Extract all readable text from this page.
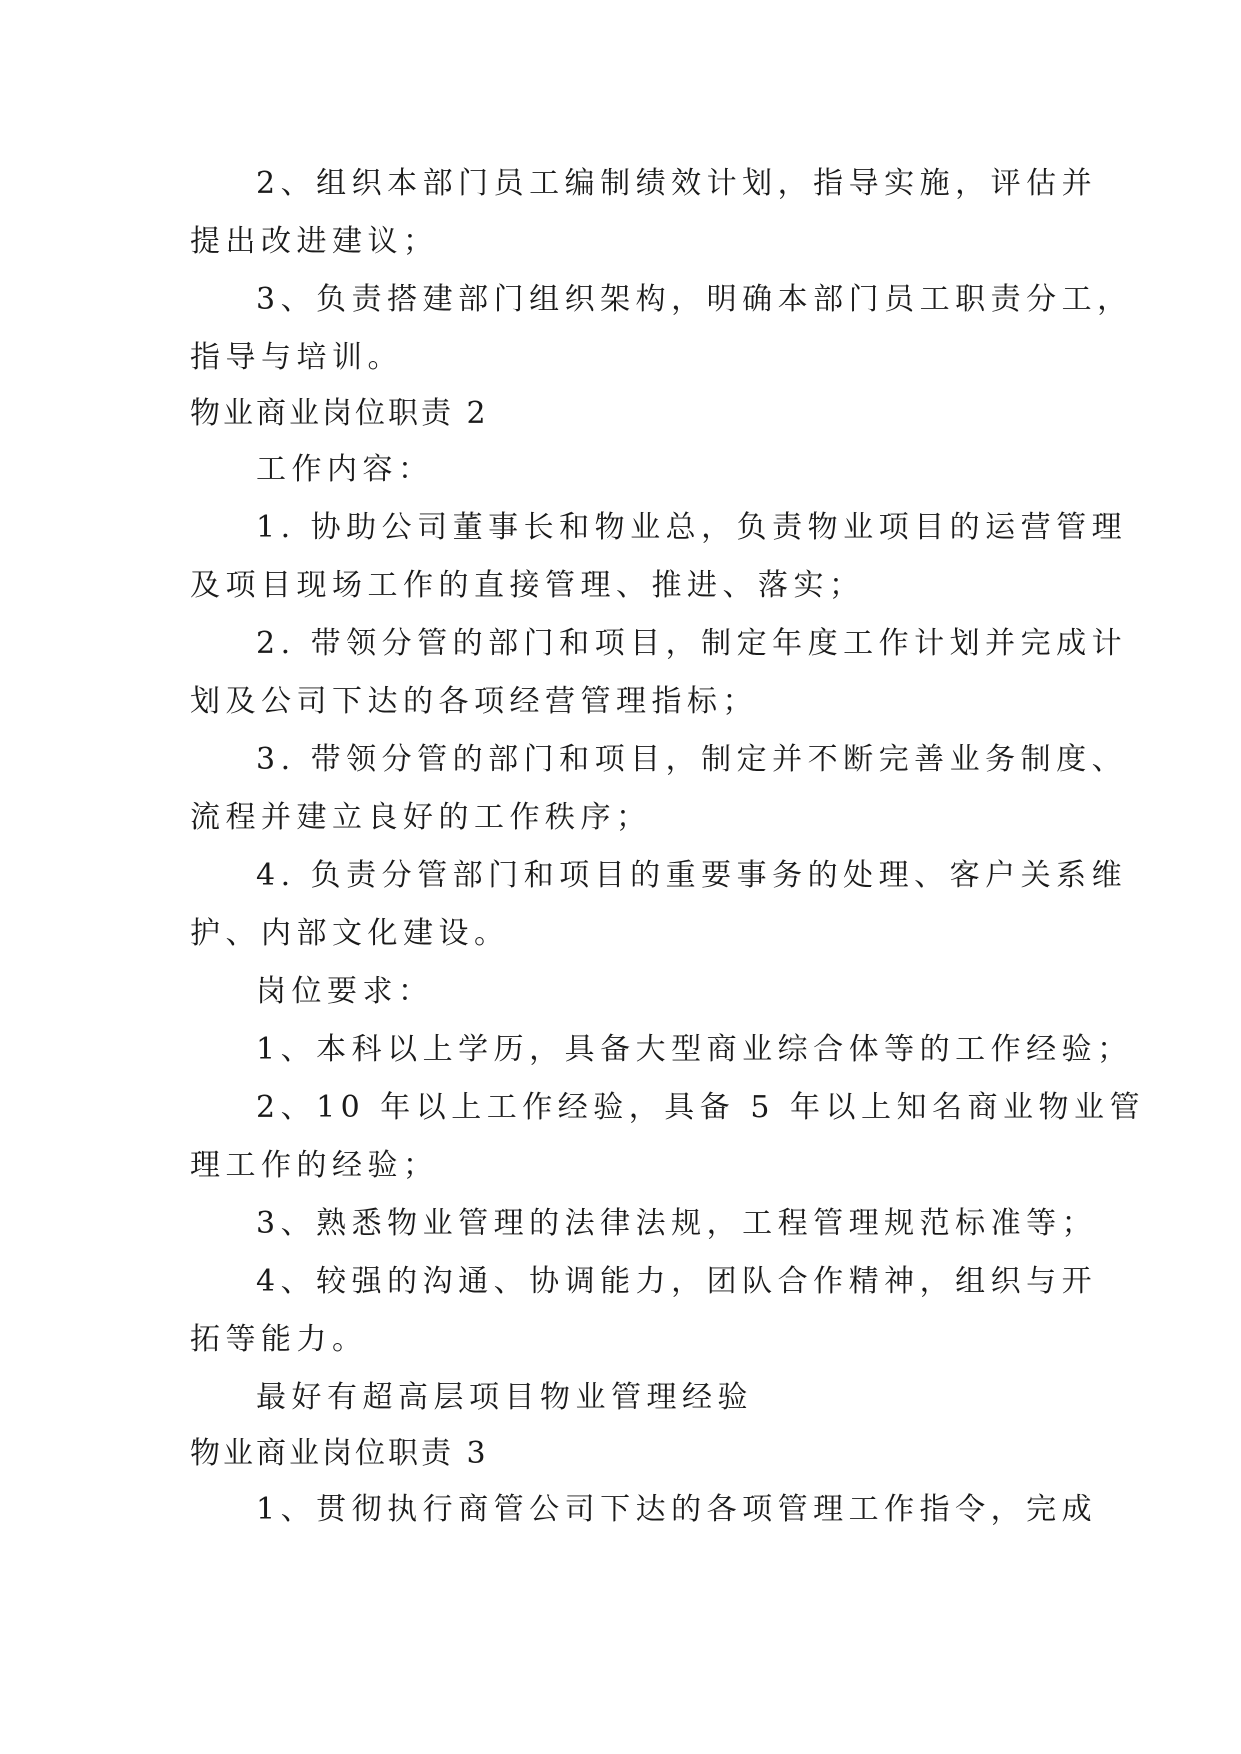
2、组织本部门员工编制绩效计划，指导实施，评估并
提出改进建议；
3、负责搭建部门组织架构，明确本部门员工职责分工，
指导与培训。
物业商业岗位职责 2
工作内容：
1. 协助公司董事长和物业总，负责物业项目的运营管理
及项目现场工作的直接管理、推进、落实；
2. 带领分管的部门和项目，制定年度工作计划并完成计
划及公司下达的各项经营管理指标；
3. 带领分管的部门和项目，制定并不断完善业务制度、
流程并建立良好的工作秩序；
4. 负责分管部门和项目的重要事务的处理、客户关系维
护、内部文化建设。
岗位要求：
1、本科以上学历，具备大型商业综合体等的工作经验；
2、10 年以上工作经验，具备 5 年以上知名商业物业管
理工作的经验；
3、熟悉物业管理的法律法规，工程管理规范标准等；
4、较强的沟通、协调能力，团队合作精神，组织与开
拓等能力。
最好有超高层项目物业管理经验
物业商业岗位职责 3
1、贯彻执行商管公司下达的各项管理工作指令，完成
